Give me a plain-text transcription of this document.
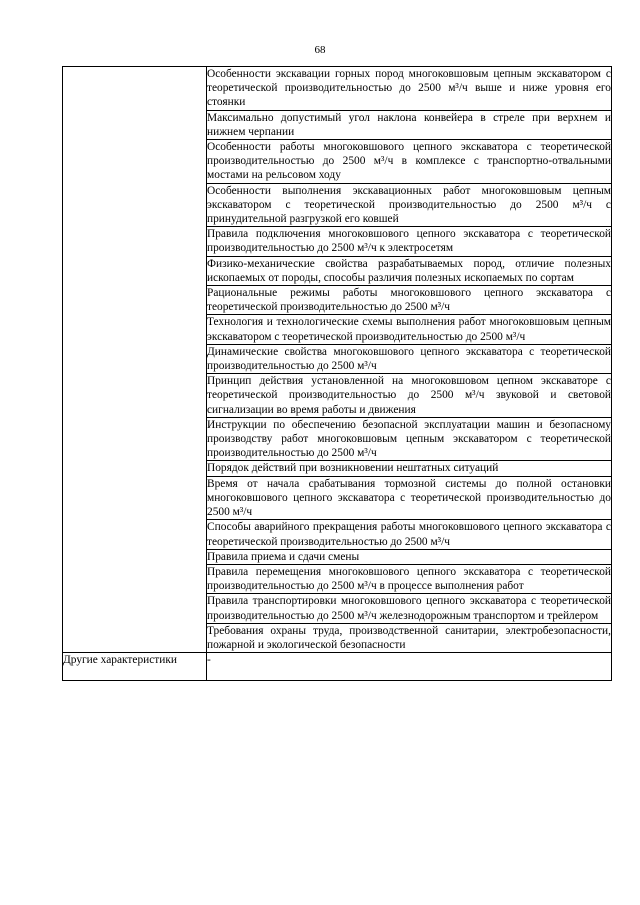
68
	Особенности экскавации горных пород многоковшовым цепным экскаватором с теоретической производительностью до 2500 м³/ч выше и ниже уровня его стоянки
	Максимально допустимый угол наклона конвейера в стреле при верхнем и нижнем черпании
	Особенности работы многоковшового цепного экскаватора с теоретической производительностью до 2500 м³/ч в комплексе с транспортно-отвальными мостами на рельсовом ходу
	Особенности выполнения экскавационных работ многоковшовым цепным экскаватором с теоретической производительностью до 2500 м³/ч с принудительной разгрузкой его ковшей
	Правила подключения многоковшового цепного экскаватора с теоретической производительностью до 2500 м³/ч к электросетям
	Физико-механические свойства разрабатываемых пород, отличие полезных ископаемых от породы, способы различия полезных ископаемых по сортам
	Рациональные режимы работы многоковшового цепного экскаватора с теоретической производительностью до 2500 м³/ч
	Технология и технологические схемы выполнения работ многоковшовым цепным экскаватором с теоретической производительностью до 2500 м³/ч
	Динамические свойства многоковшового цепного экскаватора с теоретической производительностью до 2500 м³/ч
	Принцип действия установленной на многоковшовом цепном экскаваторе с теоретической производительностью до 2500 м³/ч звуковой и световой сигнализации во время работы и движения
	Инструкции по обеспечению безопасной эксплуатации машин и безопасному производству работ многоковшовым цепным экскаватором с теоретической производительностью до 2500 м³/ч
	Порядок действий при возникновении нештатных ситуаций
	Время от начала срабатывания тормозной системы до полной остановки многоковшового цепного экскаватора с теоретической производительностью до 2500 м³/ч
	Способы аварийного прекращения работы многоковшового цепного экскаватора с теоретической производительностью до 2500 м³/ч
	Правила приема и сдачи смены
	Правила перемещения многоковшового цепного экскаватора с теоретической производительностью до 2500 м³/ч в процессе выполнения работ
	Правила транспортировки многоковшового цепного экскаватора с теоретической производительностью до 2500 м³/ч железнодорожным транспортом и трейлером
	Требования охраны труда, производственной санитарии, электробезопасности, пожарной и экологической безопасности
Другие характеристики	-
